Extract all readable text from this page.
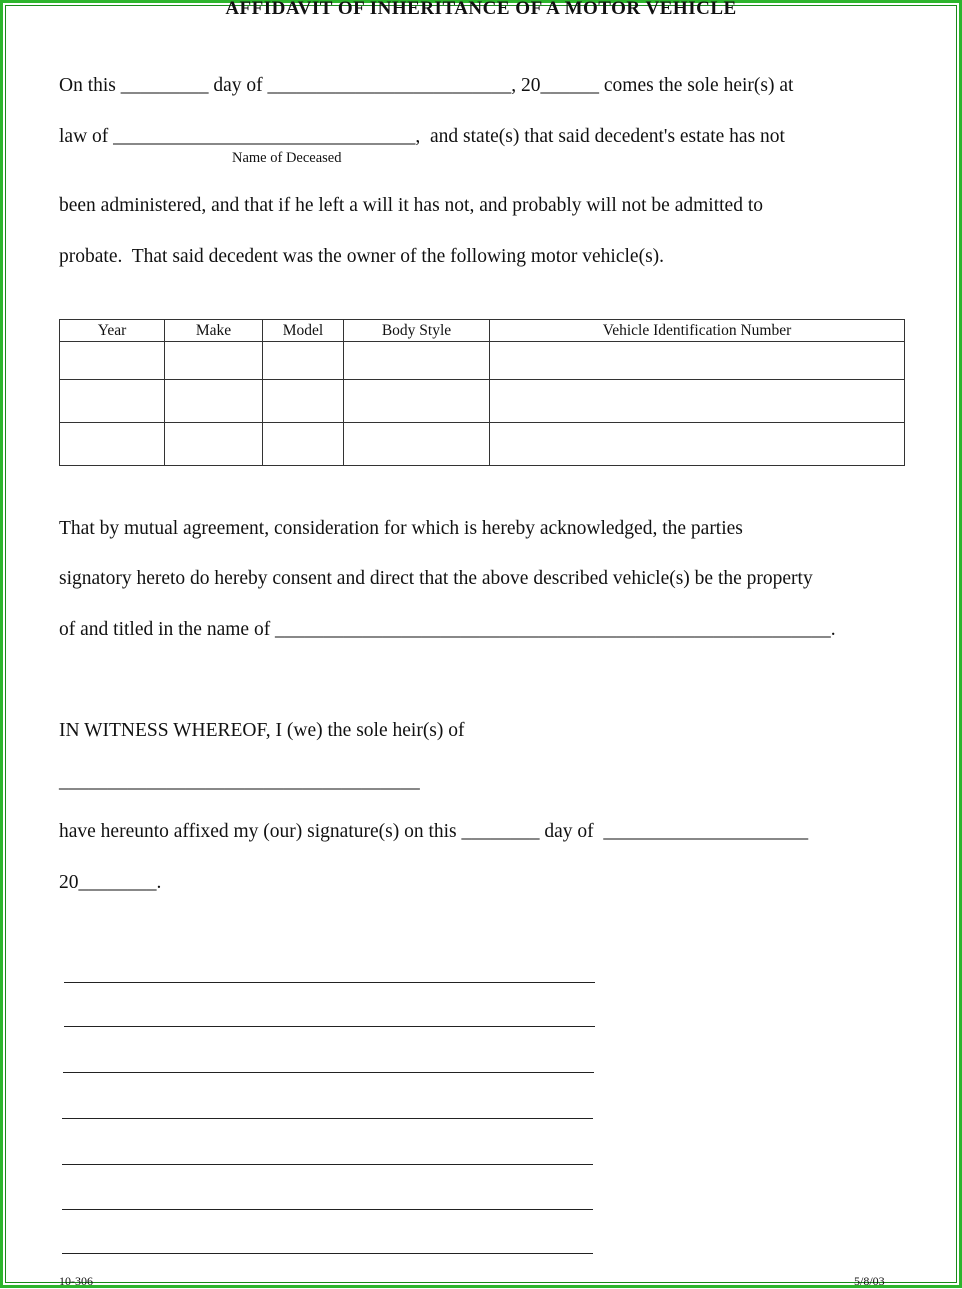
AFFIDAVIT OF INHERITANCE OF A MOTOR VEHICLE
On this _________ day of _________________________, 20______ comes the sole heir(s) at
law of _______________________________,  and state(s) that said decedent's estate has not
Name of Deceased
been administered, and that if he left a will it has not, and probably will not be admitted to
probate.  That said decedent was the owner of the following motor vehicle(s).
Year	Make	Model	Body Style	Vehicle Identification Number

That by mutual agreement, consideration for which is hereby acknowledged, the parties
signatory hereto do hereby consent and direct that the above described vehicle(s) be the property
of and titled in the name of _________________________________________________________.
IN WITNESS WHEREOF, I (we) the sole heir(s) of
_____________________________________
have hereunto affixed my (our) signature(s) on this ________ day of  _____________________
20________.
10-306	5/8/03
